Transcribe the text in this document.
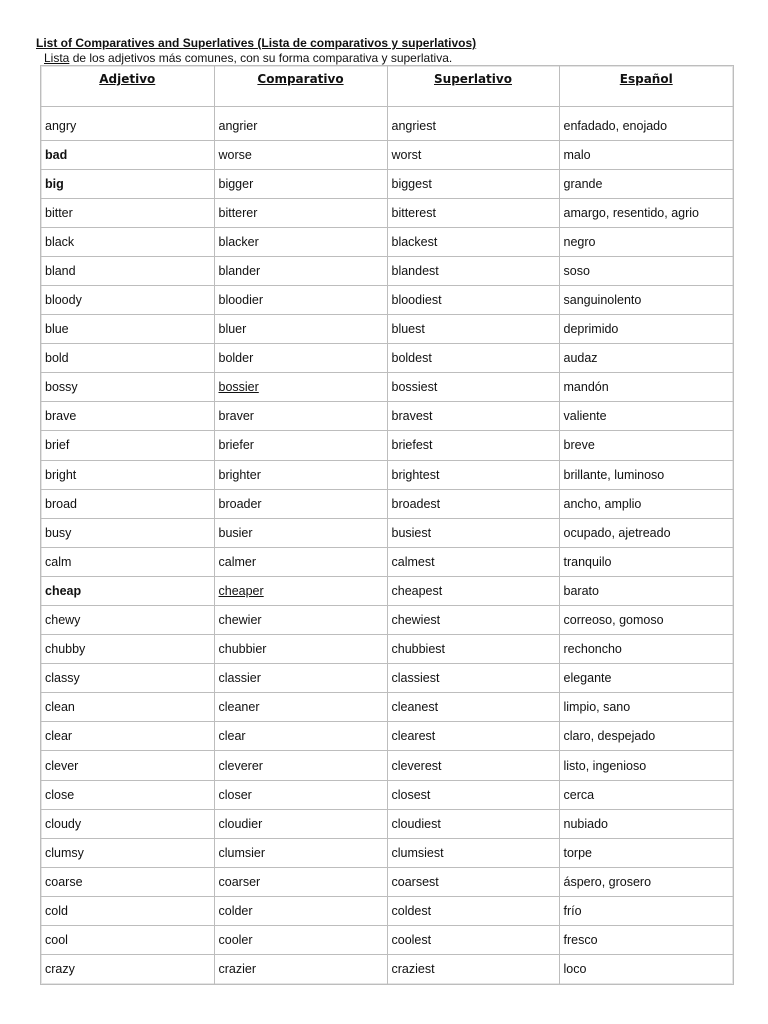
List of Comparatives and Superlatives (Lista de comparativos y superlativos)
Lista de los adjetivos más comunes, con su forma comparativa y superlativa.
Adjetivo	Comparativo	Superlativo	Español
angry	angrier	angriest	enfadado, enojado
bad	worse	worst	malo
big	bigger	biggest	grande
bitter	bitterer	bitterest	amargo, resentido, agrio
black	blacker	blackest	negro
bland	blander	blandest	soso
bloody	bloodier	bloodiest	sanguinolento
blue	bluer	bluest	deprimido
bold	bolder	boldest	audaz
bossy	bossier	bossiest	mandón
brave	braver	bravest	valiente
brief	briefer	briefest	breve
bright	brighter	brightest	brillante, luminoso
broad	broader	broadest	ancho, amplio
busy	busier	busiest	ocupado, ajetreado
calm	calmer	calmest	tranquilo
cheap	cheaper	cheapest	barato
chewy	chewier	chewiest	correoso, gomoso
chubby	chubbier	chubbiest	rechoncho
classy	classier	classiest	elegante
clean	cleaner	cleanest	limpio, sano
clear	clear	clearest	claro, despejado
clever	cleverer	cleverest	listo, ingenioso
close	closer	closest	cerca
cloudy	cloudier	cloudiest	nubiado
clumsy	clumsier	clumsiest	torpe
coarse	coarser	coarsest	áspero, grosero
cold	colder	coldest	frío
cool	cooler	coolest	fresco
crazy	crazier	craziest	loco
